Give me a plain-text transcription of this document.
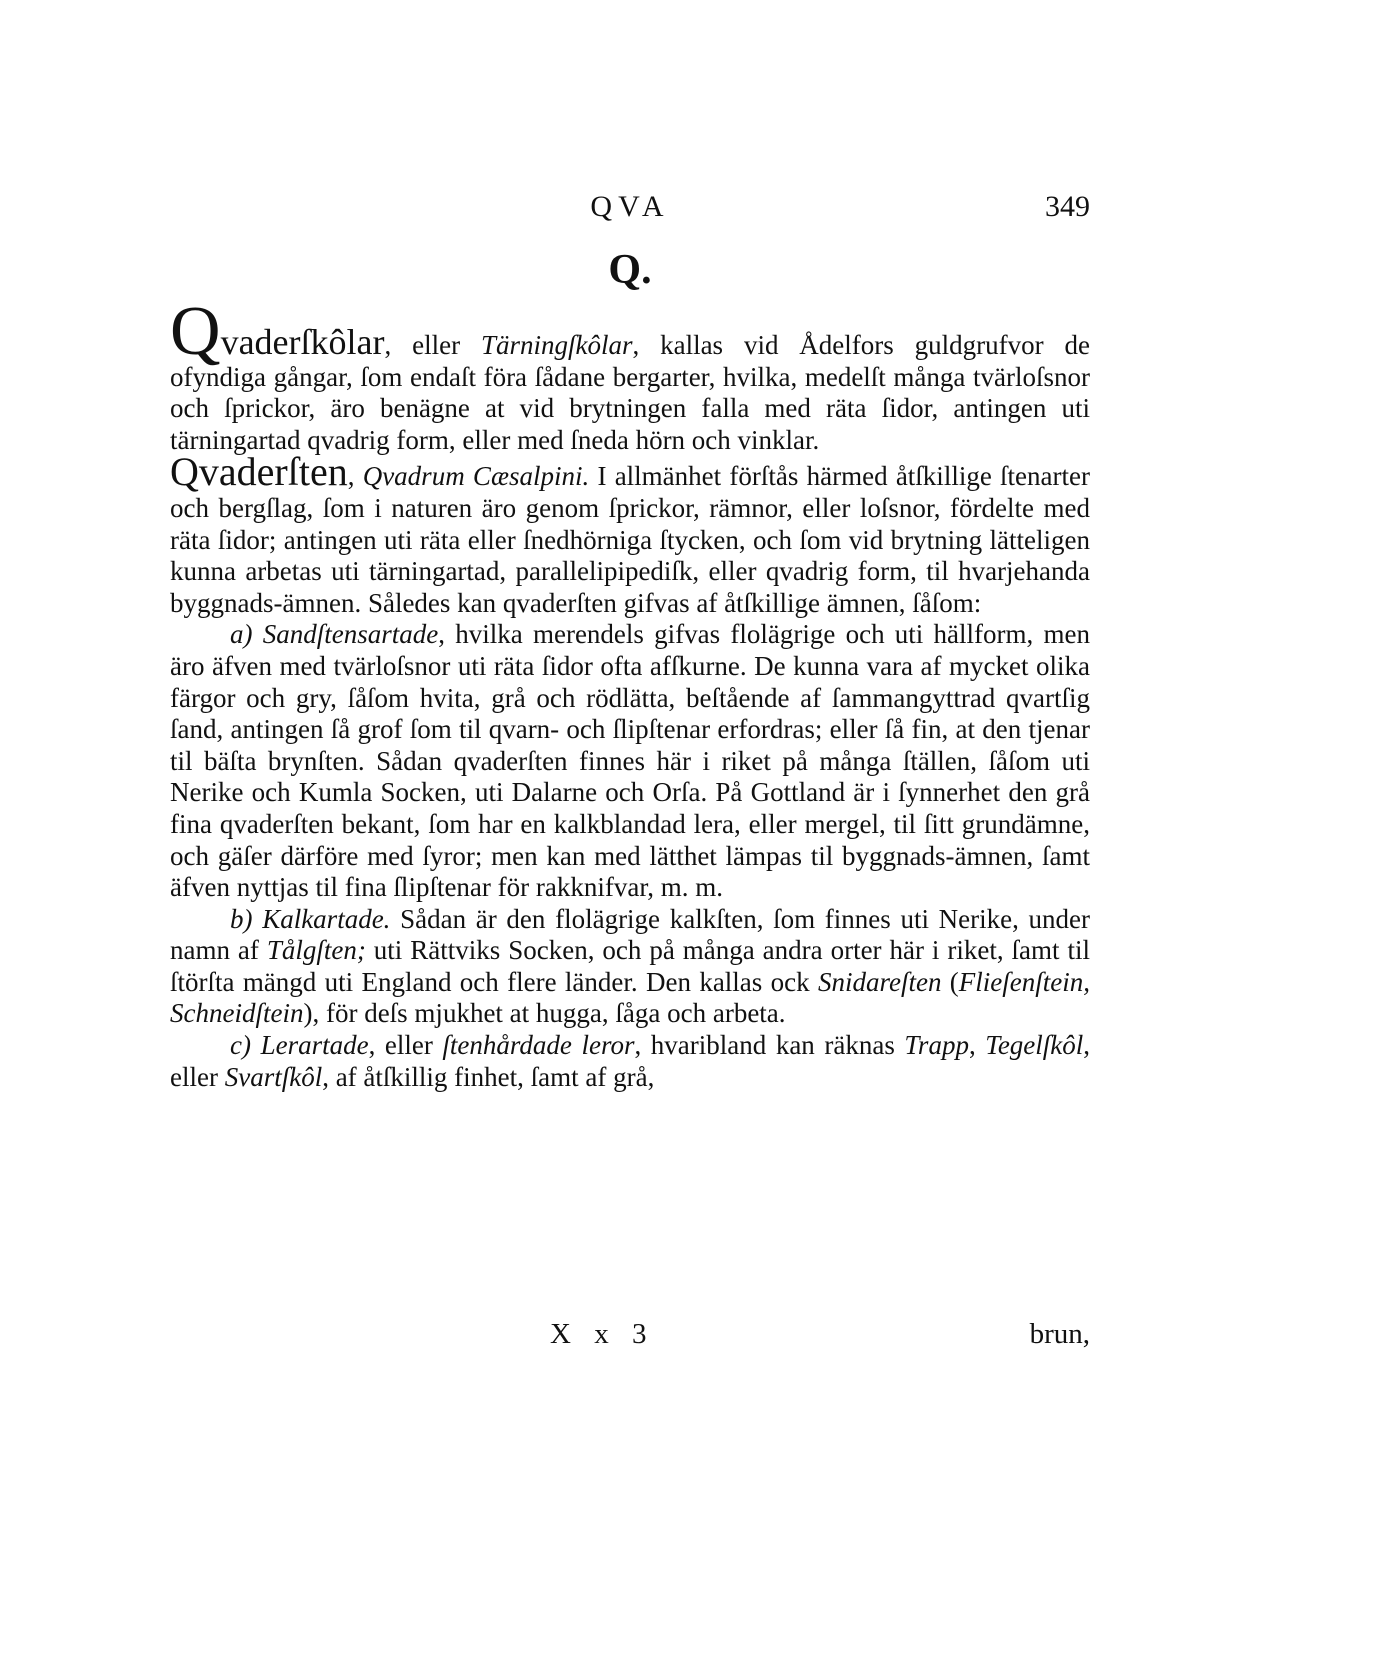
QVA	349
Q.

Qvaderſkôlar, eller Tärningſkôlar, kallas vid Ådelfors guldgrufvor de ofyndiga gångar, ſom endaſt föra ſådane bergarter, hvilka, medelſt många tvärloſsnor och ſprickor, äro benägne at vid brytningen falla med räta ſidor, antingen uti tärningartad qvadrig form, eller med ſneda hörn och vinklar.

Qvaderſten, Qvadrum Cæsalpini. I allmänhet förſtås härmed åtſkillige ſtenarter och bergſlag, ſom i naturen äro genom ſprickor, rämnor, eller loſsnor, fördelte med räta ſidor; antingen uti räta eller ſnedhörniga ſtycken, och ſom vid brytning lätteligen kunna arbetas uti tärningartad, parallelipipediſk, eller qvadrig form, til hvarjehanda byggnads-ämnen. Således kan qvaderſten gifvas af åtſkillige ämnen, ſåſom:

a) Sandſtensartade, hvilka merendels gifvas flolägrige och uti hällform, men äro äfven med tvärloſsnor uti räta ſidor ofta afſkurne. De kunna vara af mycket olika färgor och gry, ſåſom hvita, grå och rödlätta, beſtående af ſammangyttrad qvartſig ſand, antingen ſå grof ſom til qvarn- och ſlipſtenar erfordras; eller ſå fin, at den tjenar til bäſta brynſten. Sådan qvaderſten finnes här i riket på många ſtällen, ſåſom uti Nerike och Kumla Socken, uti Dalarne och Orſa. På Gottland är i ſynnerhet den grå fina qvaderſten bekant, ſom har en kalkblandad lera, eller mergel, til ſitt grundämne, och gäſer därföre med ſyror; men kan med lätthet lämpas til byggnads-ämnen, ſamt äfven nyttjas til fina ſlipſtenar för rakknifvar, m. m.

b) Kalkartade. Sådan är den flolägrige kalkſten, ſom finnes uti Nerike, under namn af Tålgſten; uti Rättviks Socken, och på många andra orter här i riket, ſamt til ſtörſta mängd uti England och flere länder. Den kallas ock Snidareſten (Flieſenſtein, Schneidſtein), för deſs mjukhet at hugga, ſåga och arbeta.

c) Lerartade, eller ſtenhårdade leror, hvaribland kan räknas Trapp, Tegelſkôl, eller Svartſkôl, af åtſkillig finhet, ſamt af grå,

X x 3	brun,
